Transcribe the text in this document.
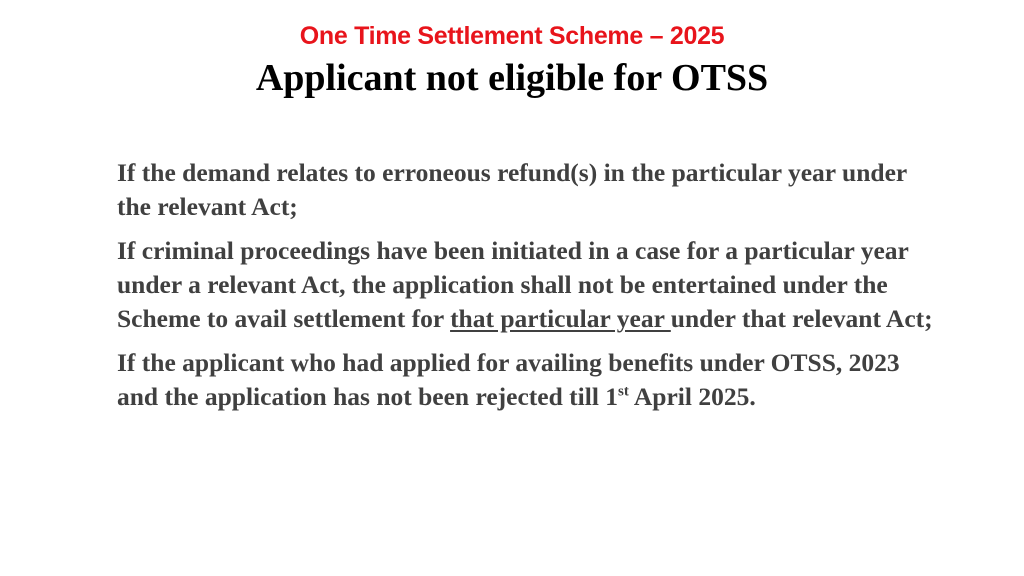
One Time Settlement Scheme – 2025
Applicant not eligible for OTSS

If the demand relates to erroneous refund(s) in the particular year under the relevant Act;

If criminal proceedings have been initiated in a case for a particular year under a relevant Act, the application shall not be entertained under the Scheme to avail settlement for that particular year under that relevant Act;

If the applicant who had applied for availing benefits under OTSS, 2023 and the application has not been rejected till 1st April 2025.
